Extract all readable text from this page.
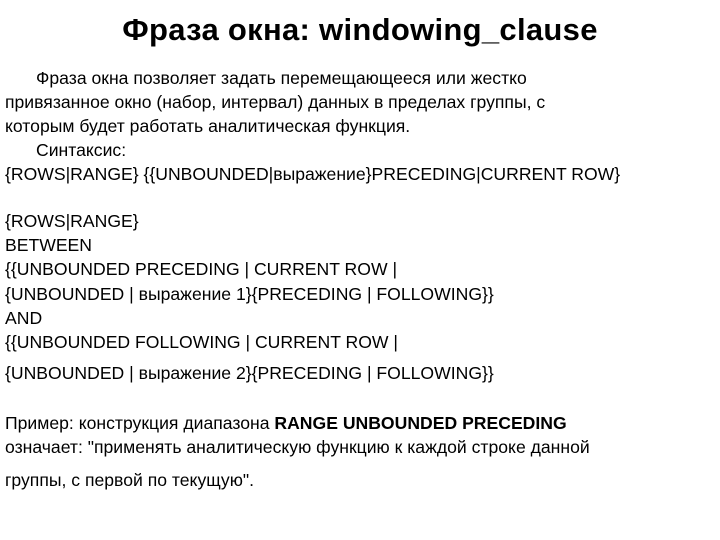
Фраза окна: windowing_clause
Фраза окна позволяет задать перемещающееся или жестко
привязанное окно (набор, интервал) данных в пределах группы, с
которым будет работать аналитическая функция.
Синтаксис:
{ROWS|RANGE} {{UNBOUNDED|выражение}PRECEDING|CURRENT ROW}
{ROWS|RANGE}
BETWEEN
{{UNBOUNDED PRECEDING | CURRENT ROW |
{UNBOUNDED | выражение 1}{PRECEDING | FOLLOWING}}
AND
{{UNBOUNDED FOLLOWING | CURRENT ROW |
{UNBOUNDED | выражение 2}{PRECEDING | FOLLOWING}}
Пример: конструкция диапазона RANGE UNBOUNDED PRECEDING
означает: "применять аналитическую функцию к каждой строке данной
группы, с первой по текущую".
